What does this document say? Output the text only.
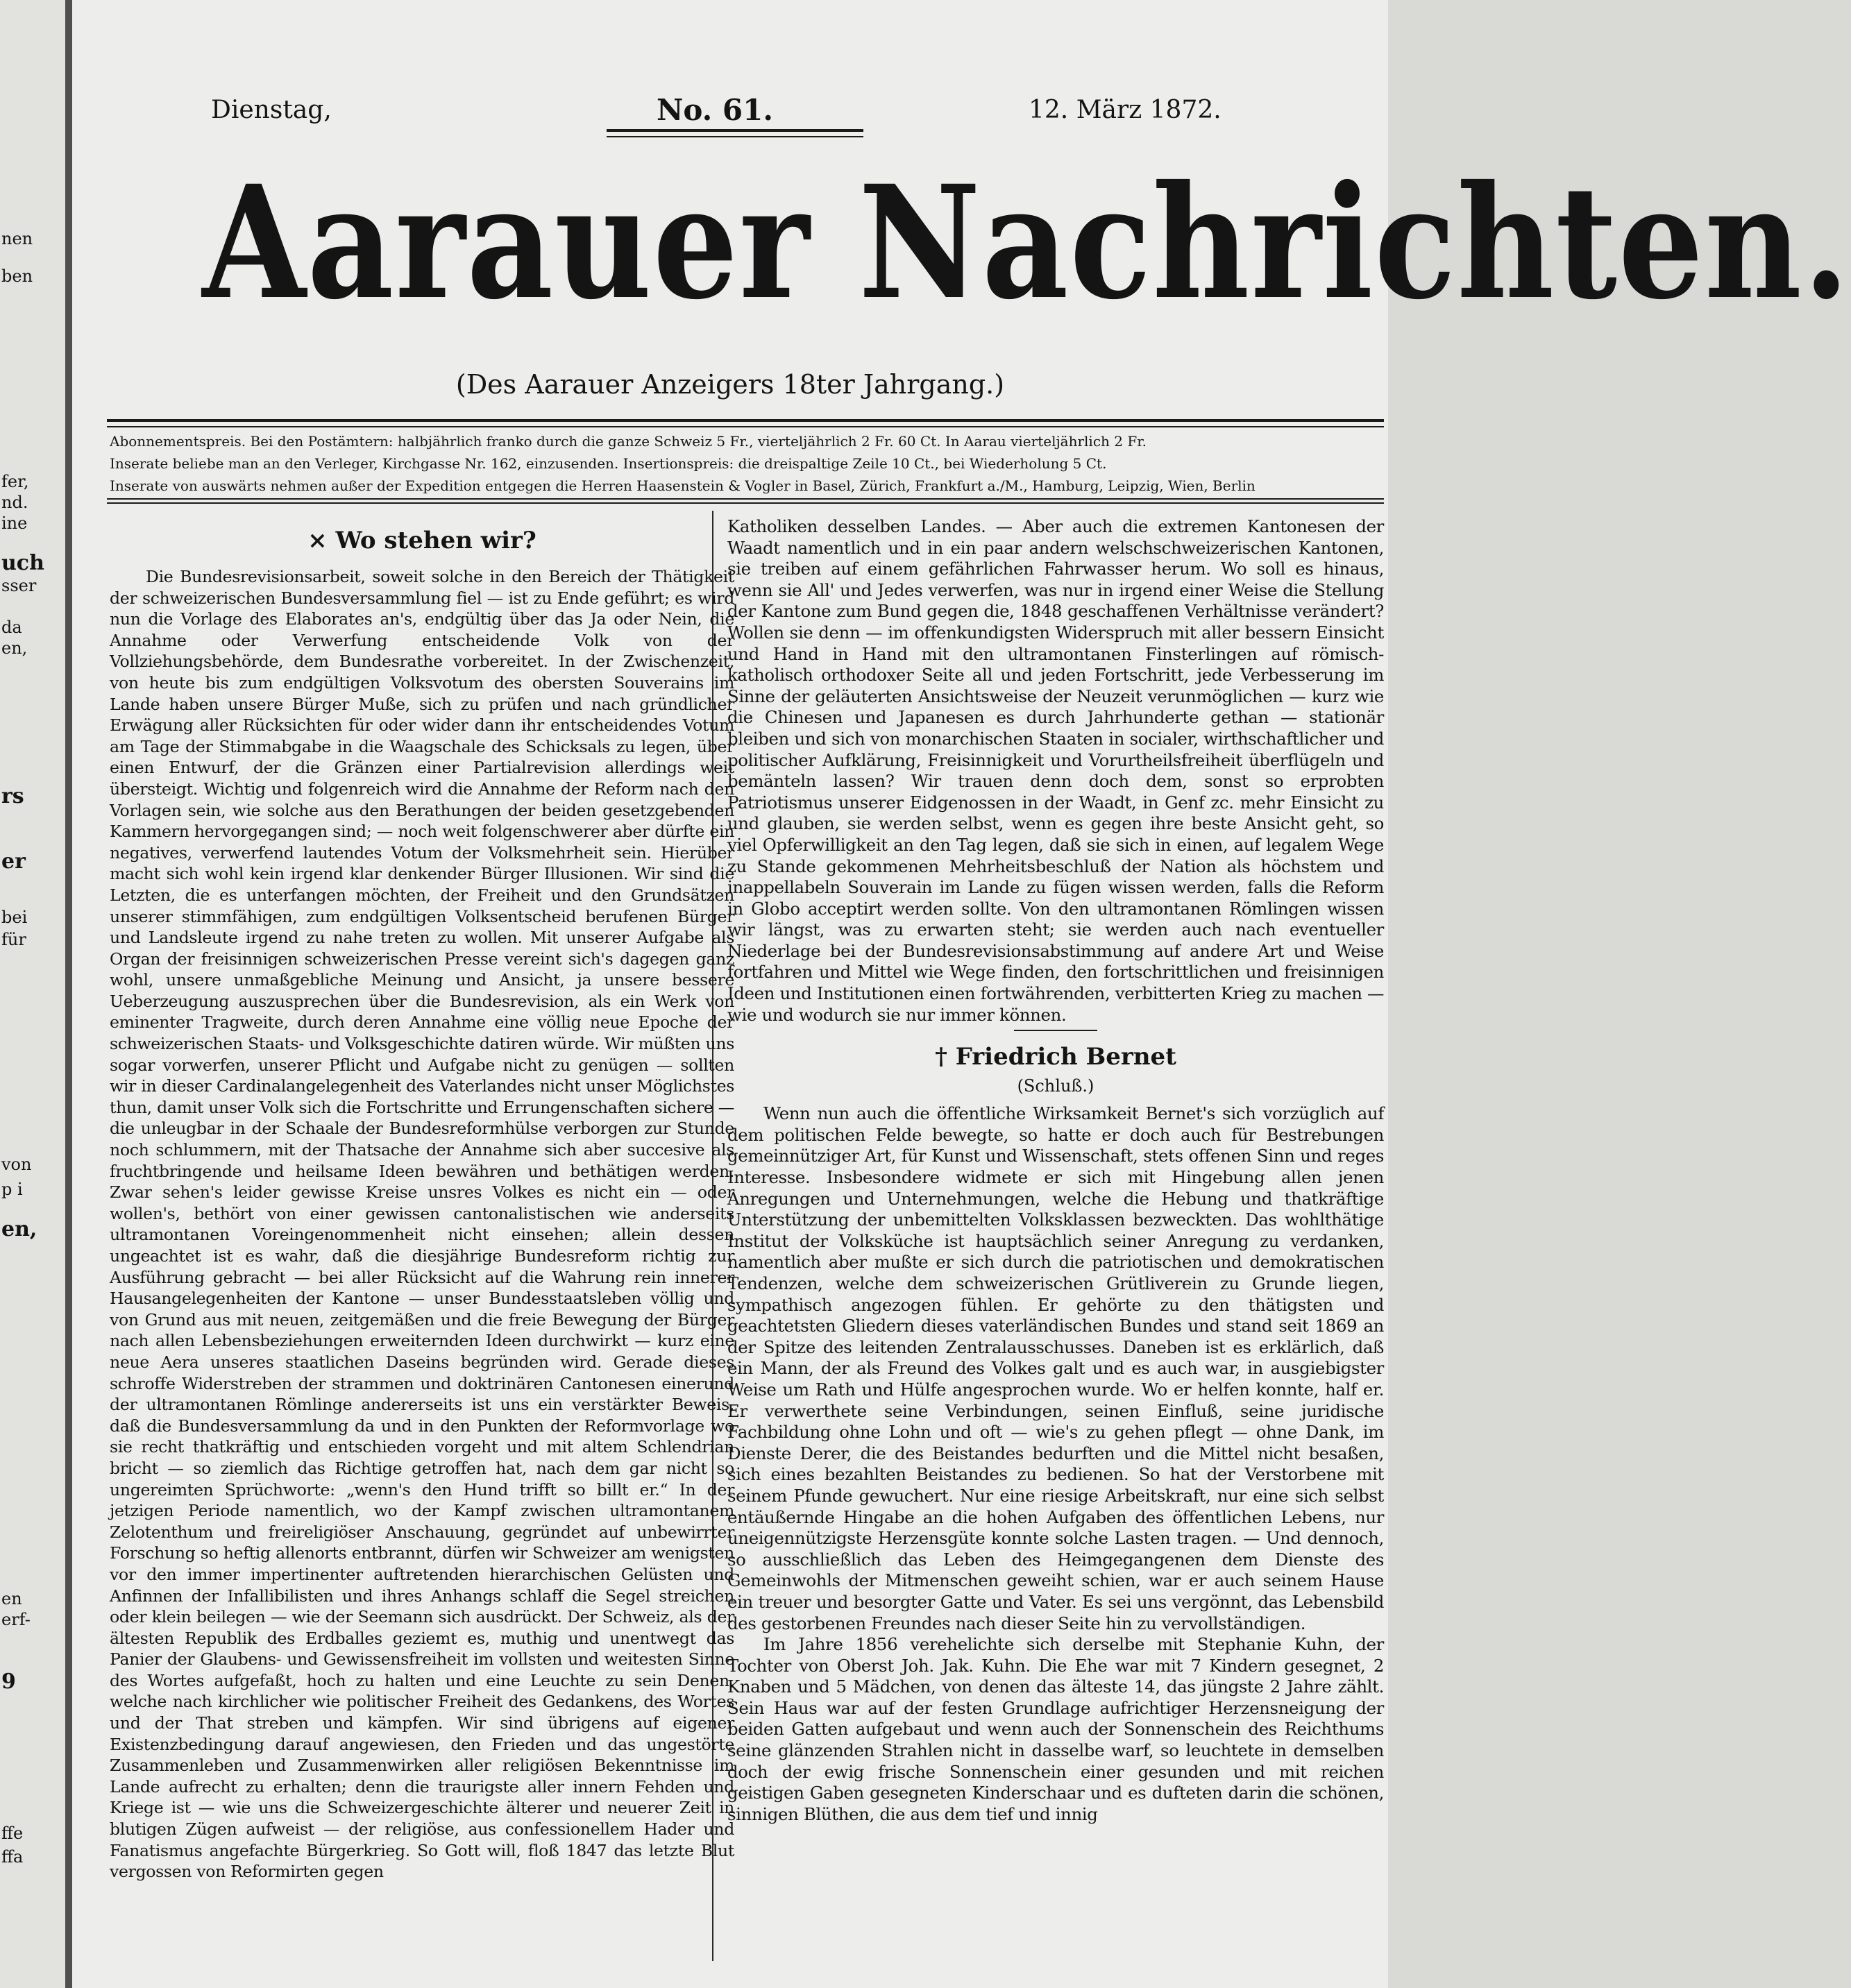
nen
ben
fer,
nd.
ine
uch
sser
da
en,
rs
er
bei
für
von
p i
en,
en
erf-
9
ffe
ffa
Dienstag,	No. 61.	12. März 1872.
Aarauer Nachrichten.
(Des Aarauer Anzeigers 18ter Jahrgang.)
Abonnementspreis. Bei den Postämtern: halbjährlich franko durch die ganze Schweiz 5 Fr., vierteljährlich 2 Fr. 60 Ct. In Aarau vierteljährlich 2 Fr.
Inserate beliebe man an den Verleger, Kirchgasse Nr. 162, einzusenden. Insertionspreis: die dreispaltige Zeile 10 Ct., bei Wiederholung 5 Ct.
Inserate von auswärts nehmen außer der Expedition entgegen die Herren Haasenstein & Vogler in Basel, Zürich, Frankfurt a./M., Hamburg, Leipzig, Wien, Berlin
× Wo stehen wir?

Die Bundesrevisionsarbeit, soweit solche in den Bereich der Thätigkeit der schweizerischen Bundesversammlung fiel — ist zu Ende geführt; es wird nun die Vorlage des Elaborates an's, endgültig über das Ja oder Nein, die Annahme oder Verwerfung entscheidende Volk von der Vollziehungsbehörde, dem Bundesrathe vorbereitet. In der Zwischenzeit, von heute bis zum endgültigen Volksvotum des obersten Souverains im Lande haben unsere Bürger Muße, sich zu prüfen und nach gründlicher Erwägung aller Rücksichten für oder wider dann ihr entscheidendes Votum am Tage der Stimmabgabe in die Waagschale des Schicksals zu legen, über einen Entwurf, der die Gränzen einer Partialrevision allerdings weit übersteigt. Wichtig und folgenreich wird die Annahme der Reform nach den Vorlagen sein, wie solche aus den Berathungen der beiden gesetzgebenden Kammern hervorgegangen sind; — noch weit folgenschwerer aber dürfte ein negatives, verwerfend lautendes Votum der Volksmehrheit sein. Hierüber macht sich wohl kein irgend klar denkender Bürger Illusionen. Wir sind die Letzten, die es unterfangen möchten, der Freiheit und den Grundsätzen unserer stimmfähigen, zum endgültigen Volksentscheid berufenen Bürger und Landsleute irgend zu nahe treten zu wollen. Mit unserer Aufgabe als Organ der freisinnigen schweizerischen Presse vereint sich's dagegen ganz wohl, unsere unmaßgebliche Meinung und Ansicht, ja unsere bessere Ueberzeugung auszusprechen über die Bundesrevision, als ein Werk von eminenter Tragweite, durch deren Annahme eine völlig neue Epoche der schweizerischen Staats- und Volksgeschichte datiren würde. Wir müßten uns sogar vorwerfen, unserer Pflicht und Aufgabe nicht zu genügen — sollten wir in dieser Cardinalangelegenheit des Vaterlandes nicht unser Möglichstes thun, damit unser Volk sich die Fortschritte und Errungenschaften sichere — die unleugbar in der Schaale der Bundesreformhülse verborgen zur Stunde noch schlummern, mit der Thatsache der Annahme sich aber succesive als fruchtbringende und heilsame Ideen bewähren und bethätigen werden. Zwar sehen's leider gewisse Kreise unsres Volkes es nicht ein — oder wollen's, bethört von einer gewissen cantonalistischen wie anderseits ultramontanen Voreingenommenheit nicht einsehen; allein dessen ungeachtet ist es wahr, daß die diesjährige Bundesreform richtig zur Ausführung gebracht — bei aller Rücksicht auf die Wahrung rein innerer Hausangelegenheiten der Kantone — unser Bundesstaatsleben völlig und von Grund aus mit neuen, zeitgemäßen und die freie Bewegung der Bürger nach allen Lebensbeziehungen erweiternden Ideen durchwirkt — kurz eine neue Aera unseres staatlichen Daseins begründen wird. Gerade dieses schroffe Widerstreben der strammen und doktrinären Cantonesen einerund der ultramontanen Römlinge andererseits ist uns ein verstärkter Beweis, daß die Bundesversammlung da und in den Punkten der Reformvorlage wo sie recht thatkräftig und entschieden vorgeht und mit altem Schlendrian bricht — so ziemlich das Richtige getroffen hat, nach dem gar nicht so ungereimten Sprüchworte: „wenn's den Hund trifft so billt er.“ In der jetzigen Periode namentlich, wo der Kampf zwischen ultramontanem Zelotenthum und freireligiöser Anschauung, gegründet auf unbewirrter Forschung so heftig allenorts entbrannt, dürfen wir Schweizer am wenigsten vor den immer impertinenter auftretenden hierarchischen Gelüsten und Anfinnen der Infallibilisten und ihres Anhangs schlaff die Segel streichen oder klein beilegen — wie der Seemann sich ausdrückt. Der Schweiz, als der ältesten Republik des Erdballes geziemt es, muthig und unentwegt das Panier der Glaubens- und Gewissensfreiheit im vollsten und weitesten Sinne des Wortes aufgefaßt, hoch zu halten und eine Leuchte zu sein Denen, welche nach kirchlicher wie politischer Freiheit des Gedankens, des Wortes und der That streben und kämpfen. Wir sind übrigens auf eigener Existenzbedingung darauf angewiesen, den Frieden und das ungestörte Zusammenleben und Zusammenwirken aller religiösen Bekenntnisse im Lande aufrecht zu erhalten; denn die traurigste aller innern Fehden und Kriege ist — wie uns die Schweizergeschichte älterer und neuerer Zeit in blutigen Zügen aufweist — der religiöse, aus confessionellem Hader und Fanatismus angefachte Bürgerkrieg. So Gott will, floß 1847 das letzte Blut vergossen von Reformirten gegen

Katholiken desselben Landes. — Aber auch die extremen Kantonesen der Waadt namentlich und in ein paar andern welschschweizerischen Kantonen, sie treiben auf einem gefährlichen Fahrwasser herum. Wo soll es hinaus, wenn sie All' und Jedes verwerfen, was nur in irgend einer Weise die Stellung der Kantone zum Bund gegen die, 1848 geschaffenen Verhältnisse verändert? Wollen sie denn — im offenkundigsten Widerspruch mit aller bessern Einsicht und Hand in Hand mit den ultramontanen Finsterlingen auf römisch-katholisch orthodoxer Seite all und jeden Fortschritt, jede Verbesserung im Sinne der geläuterten Ansichtsweise der Neuzeit verunmöglichen — kurz wie die Chinesen und Japanesen es durch Jahrhunderte gethan — stationär bleiben und sich von monarchischen Staaten in socialer, wirthschaftlicher und politischer Aufklärung, Freisinnigkeit und Vorurtheilsfreiheit überflügeln und bemänteln lassen? Wir trauen denn doch dem, sonst so erprobten Patriotismus unserer Eidgenossen in der Waadt, in Genf zc. mehr Einsicht zu und glauben, sie werden selbst, wenn es gegen ihre beste Ansicht geht, so viel Opferwilligkeit an den Tag legen, daß sie sich in einen, auf legalem Wege zu Stande gekommenen Mehrheitsbeschluß der Nation als höchstem und inappellabeln Souverain im Lande zu fügen wissen werden, falls die Reform in Globo acceptirt werden sollte. Von den ultramontanen Römlingen wissen wir längst, was zu erwarten steht; sie werden auch nach eventueller Niederlage bei der Bundesrevisionsabstimmung auf andere Art und Weise fortfahren und Mittel wie Wege finden, den fortschrittlichen und freisinnigen Ideen und Institutionen einen fortwährenden, verbitterten Krieg zu machen — wie und wodurch sie nur immer können.

† Friedrich Bernet
(Schluß.)

Wenn nun auch die öffentliche Wirksamkeit Bernet's sich vorzüglich auf dem politischen Felde bewegte, so hatte er doch auch für Bestrebungen gemeinnütziger Art, für Kunst und Wissenschaft, stets offenen Sinn und reges Interesse. Insbesondere widmete er sich mit Hingebung allen jenen Anregungen und Unternehmungen, welche die Hebung und thatkräftige Unterstützung der unbemittelten Volksklassen bezweckten. Das wohlthätige Institut der Volksküche ist hauptsächlich seiner Anregung zu verdanken, namentlich aber mußte er sich durch die patriotischen und demokratischen Tendenzen, welche dem schweizerischen Grütliverein zu Grunde liegen, sympathisch angezogen fühlen. Er gehörte zu den thätigsten und geachtetsten Gliedern dieses vaterländischen Bundes und stand seit 1869 an der Spitze des leitenden Zentralausschusses. Daneben ist es erklärlich, daß ein Mann, der als Freund des Volkes galt und es auch war, in ausgiebigster Weise um Rath und Hülfe angesprochen wurde. Wo er helfen konnte, half er. Er verwerthete seine Verbindungen, seinen Einfluß, seine juridische Fachbildung ohne Lohn und oft — wie's zu gehen pflegt — ohne Dank, im Dienste Derer, die des Beistandes bedurften und die Mittel nicht besaßen, sich eines bezahlten Beistandes zu bedienen. So hat der Verstorbene mit seinem Pfunde gewuchert. Nur eine riesige Arbeitskraft, nur eine sich selbst entäußernde Hingabe an die hohen Aufgaben des öffentlichen Lebens, nur uneigennützigste Herzensgüte konnte solche Lasten tragen. — Und dennoch, so ausschließlich das Leben des Heimgegangenen dem Dienste des Gemeinwohls der Mitmenschen geweiht schien, war er auch seinem Hause ein treuer und besorgter Gatte und Vater. Es sei uns vergönnt, das Lebensbild des gestorbenen Freundes nach dieser Seite hin zu vervollständigen.

Im Jahre 1856 verehelichte sich derselbe mit Stephanie Kuhn, der Tochter von Oberst Joh. Jak. Kuhn. Die Ehe war mit 7 Kindern gesegnet, 2 Knaben und 5 Mädchen, von denen das älteste 14, das jüngste 2 Jahre zählt. Sein Haus war auf der festen Grundlage aufrichtiger Herzensneigung der beiden Gatten aufgebaut und wenn auch der Sonnenschein des Reichthums seine glänzenden Strahlen nicht in dasselbe warf, so leuchtete in demselben doch der ewig frische Sonnenschein einer gesunden und mit reichen geistigen Gaben gesegneten Kinderschaar und es dufteten darin die schönen, sinnigen Blüthen, die aus dem tief und innig
